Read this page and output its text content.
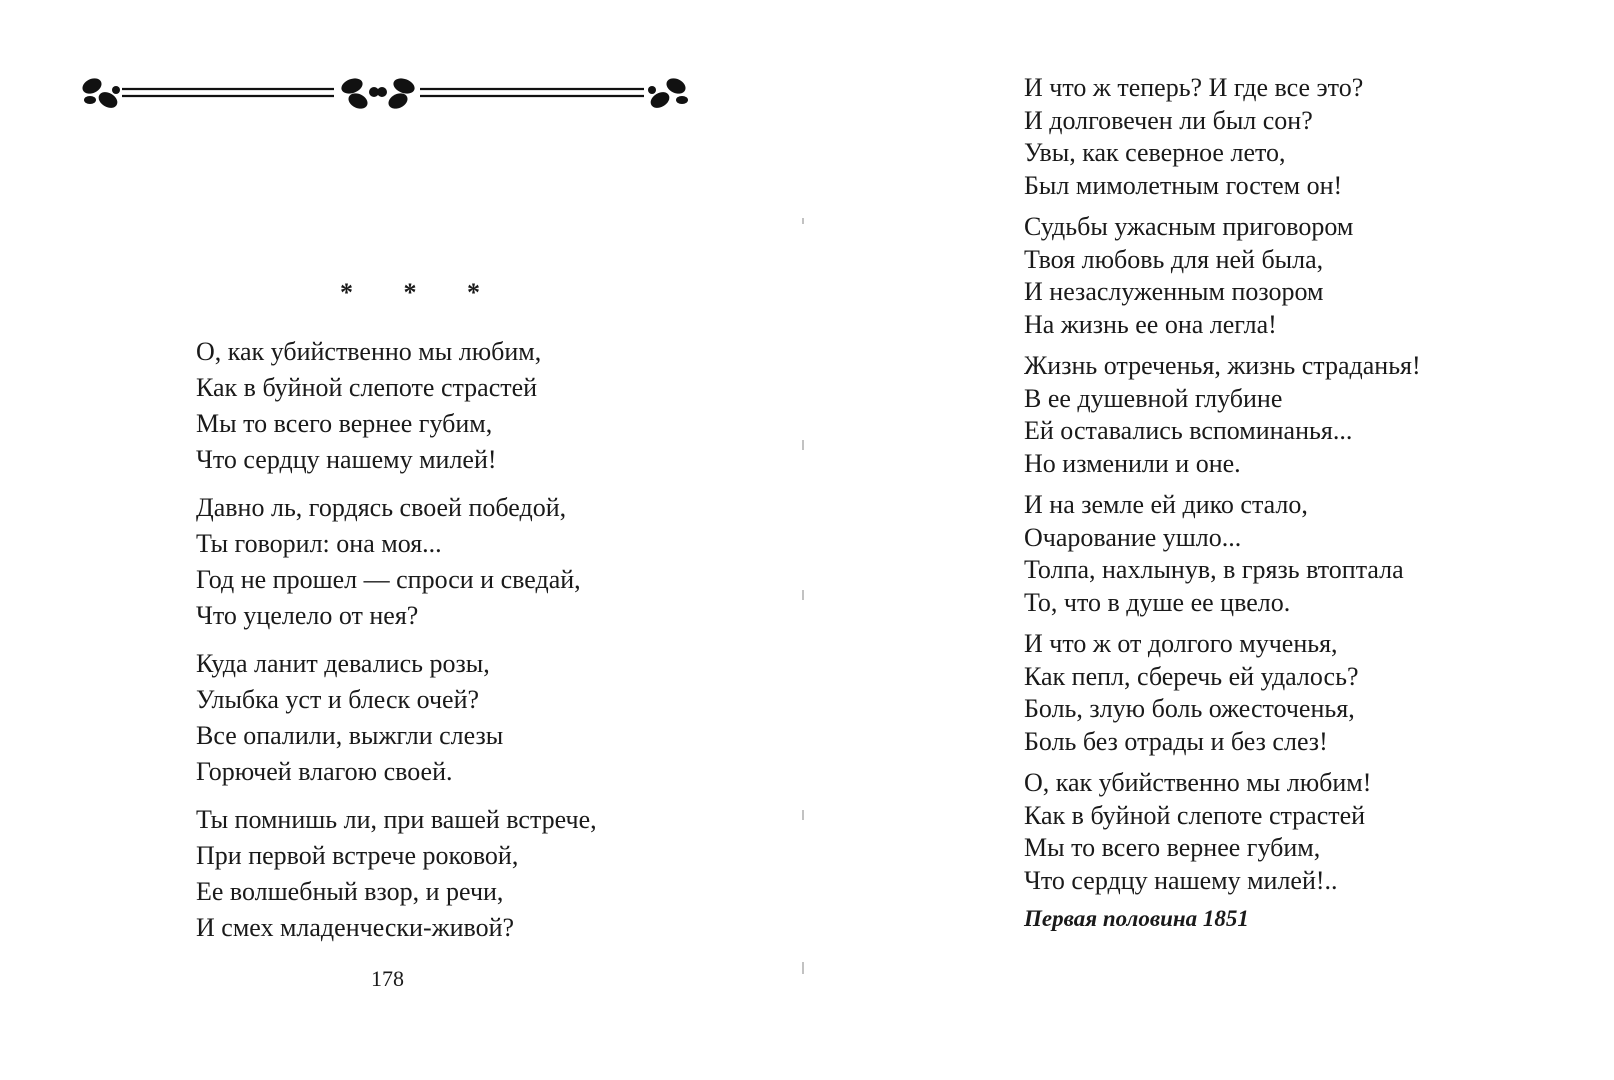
* * *

О, как убийственно мы любим,
Как в буйной слепоте страстей
Мы то всего вернее губим,
Что сердцу нашему милей!

Давно ль, гордясь своей победой,
Ты говорил: она моя...
Год не прошел — спроси и сведай,
Что уцелело от нея?

Куда ланит девались розы,
Улыбка уст и блеск очей?
Все опалили, выжгли слезы
Горючей влагою своей.

Ты помнишь ли, при вашей встрече,
При первой встрече роковой,
Ее волшебный взор, и речи,
И смех младенчески-живой?

178

И что ж теперь? И где все это?
И долговечен ли был сон?
Увы, как северное лето,
Был мимолетным гостем он!

Судьбы ужасным приговором
Твоя любовь для ней была,
И незаслуженным позором
На жизнь ее она легла!

Жизнь отреченья, жизнь страданья!
В ее душевной глубине
Ей оставались вспоминанья...
Но изменили и оне.

И на земле ей дико стало,
Очарование ушло...
Толпа, нахлынув, в грязь втоптала
То, что в душе ее цвело.

И что ж от долгого мученья,
Как пепл, сберечь ей удалось?
Боль, злую боль ожесточенья,
Боль без отрады и без слез!

О, как убийственно мы любим!
Как в буйной слепоте страстей
Мы то всего вернее губим,
Что сердцу нашему милей!..

Первая половина 1851
